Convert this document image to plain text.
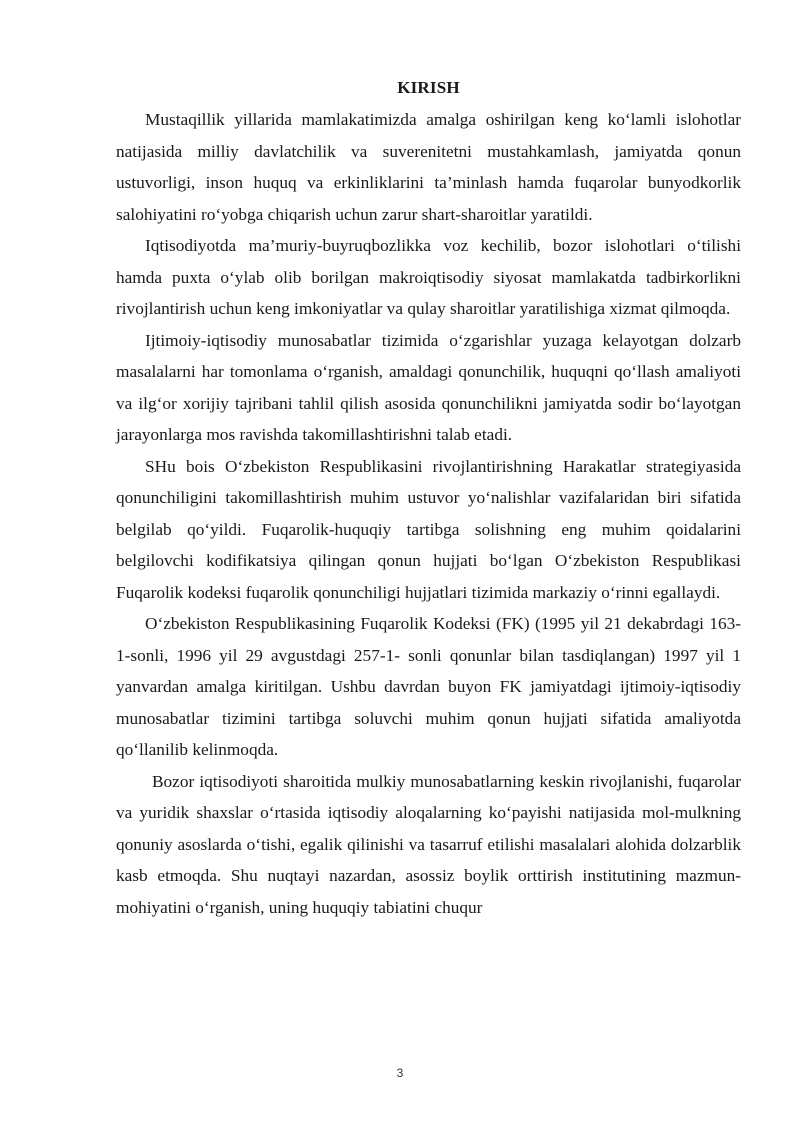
KIRISH

Mustaqillik yillarida mamlakatimizda amalga oshirilgan keng ko‘lamli islohotlar natijasida milliy davlatchilik va suverenitetni mustahkamlash, jamiyatda qonun ustuvorligi, inson huquq va erkinliklarini ta’minlash hamda fuqarolar bunyodkorlik salohiyatini ro‘yobga chiqarish uchun zarur shart-sharoitlar yaratildi.

Iqtisodiyotda ma’muriy-buyruqbozlikka voz kechilib, bozor islohotlari o‘tilishi hamda puxta o‘ylab olib borilgan makroiqtisodiy siyosat mamlakatda tadbirkorlikni rivojlantirish uchun keng imkoniyatlar va qulay sharoitlar yaratilishiga xizmat qilmoqda.

Ijtimoiy-iqtisodiy munosabatlar tizimida o‘zgarishlar yuzaga kelayotgan dolzarb masalalarni har tomonlama o‘rganish, amaldagi qonunchilik, huquqni qo‘llash amaliyoti va ilg‘or xorijiy tajribani tahlil qilish asosida qonunchilikni jamiyatda sodir bo‘layotgan jarayonlarga mos ravishda takomillashtirishni talab etadi.

SHu bois O‘zbekiston Respublikasini rivojlantirishning Harakatlar strategiyasida qonunchiligini takomillashtirish muhim ustuvor yo‘nalishlar vazifalaridan biri sifatida belgilab qo‘yildi. Fuqarolik-huquqiy tartibga solishning eng muhim qoidalarini belgilovchi kodifikatsiya qilingan qonun hujjati bo‘lgan O‘zbekiston Respublikasi Fuqarolik kodeksi fuqarolik qonunchiligi hujjatlari tizimida markaziy o‘rinni egallaydi.

O‘zbekiston Respublikasining Fuqarolik Kodeksi (FK) (1995 yil 21 dekabrdagi 163-1-sonli, 1996 yil 29 avgustdagi 257-1- sonli qonunlar bilan tasdiqlangan) 1997 yil 1 yanvardan amalga kiritilgan. Ushbu davrdan buyon FK jamiyatdagi ijtimoiy-iqtisodiy munosabatlar tizimini tartibga soluvchi muhim qonun hujjati sifatida amaliyotda qo‘llanilib kelinmoqda.

Bozor iqtisodiyoti sharoitida mulkiy munosabatlarning keskin rivojlanishi, fuqarolar va yuridik shaxslar o‘rtasida iqtisodiy aloqalarning ko‘payishi natijasida mol-mulkning qonuniy asoslarda o‘tishi, egalik qilinishi va tasarruf etilishi masalalari alohida dolzarblik kasb etmoqda. Shu nuqtayi nazardan, asossiz boylik orttirish institutining mazmun-mohiyatini o‘rganish, uning huquqiy tabiatini chuqur

3
